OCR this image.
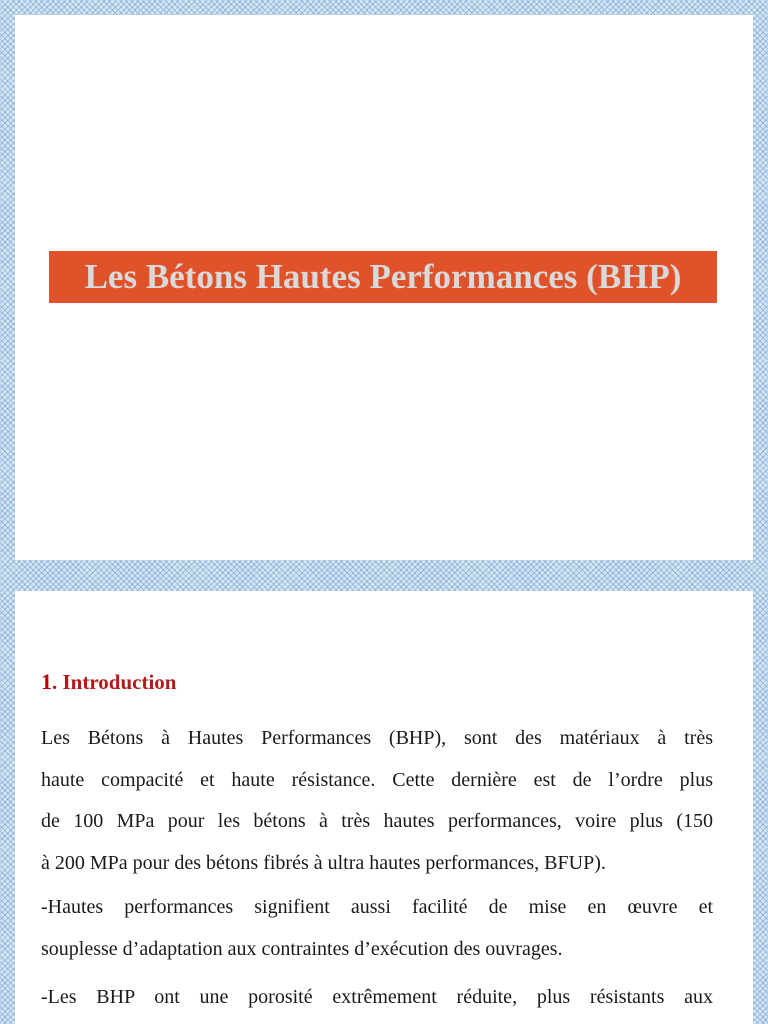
Les Bétons Hautes Performances (BHP)
1. Introduction
Les Bétons à Hautes Performances (BHP), sont des matériaux à très
haute compacité et haute résistance. Cette dernière est de l’ordre plus
de 100 MPa pour les bétons à très hautes performances, voire plus (150
à 200 MPa pour des bétons fibrés à ultra hautes performances, BFUP).
-Hautes performances signifient aussi facilité de mise en œuvre et
souplesse d’adaptation aux contraintes d’exécution des ouvrages.
-Les BHP ont une porosité extrêmement réduite, plus résistants aux
